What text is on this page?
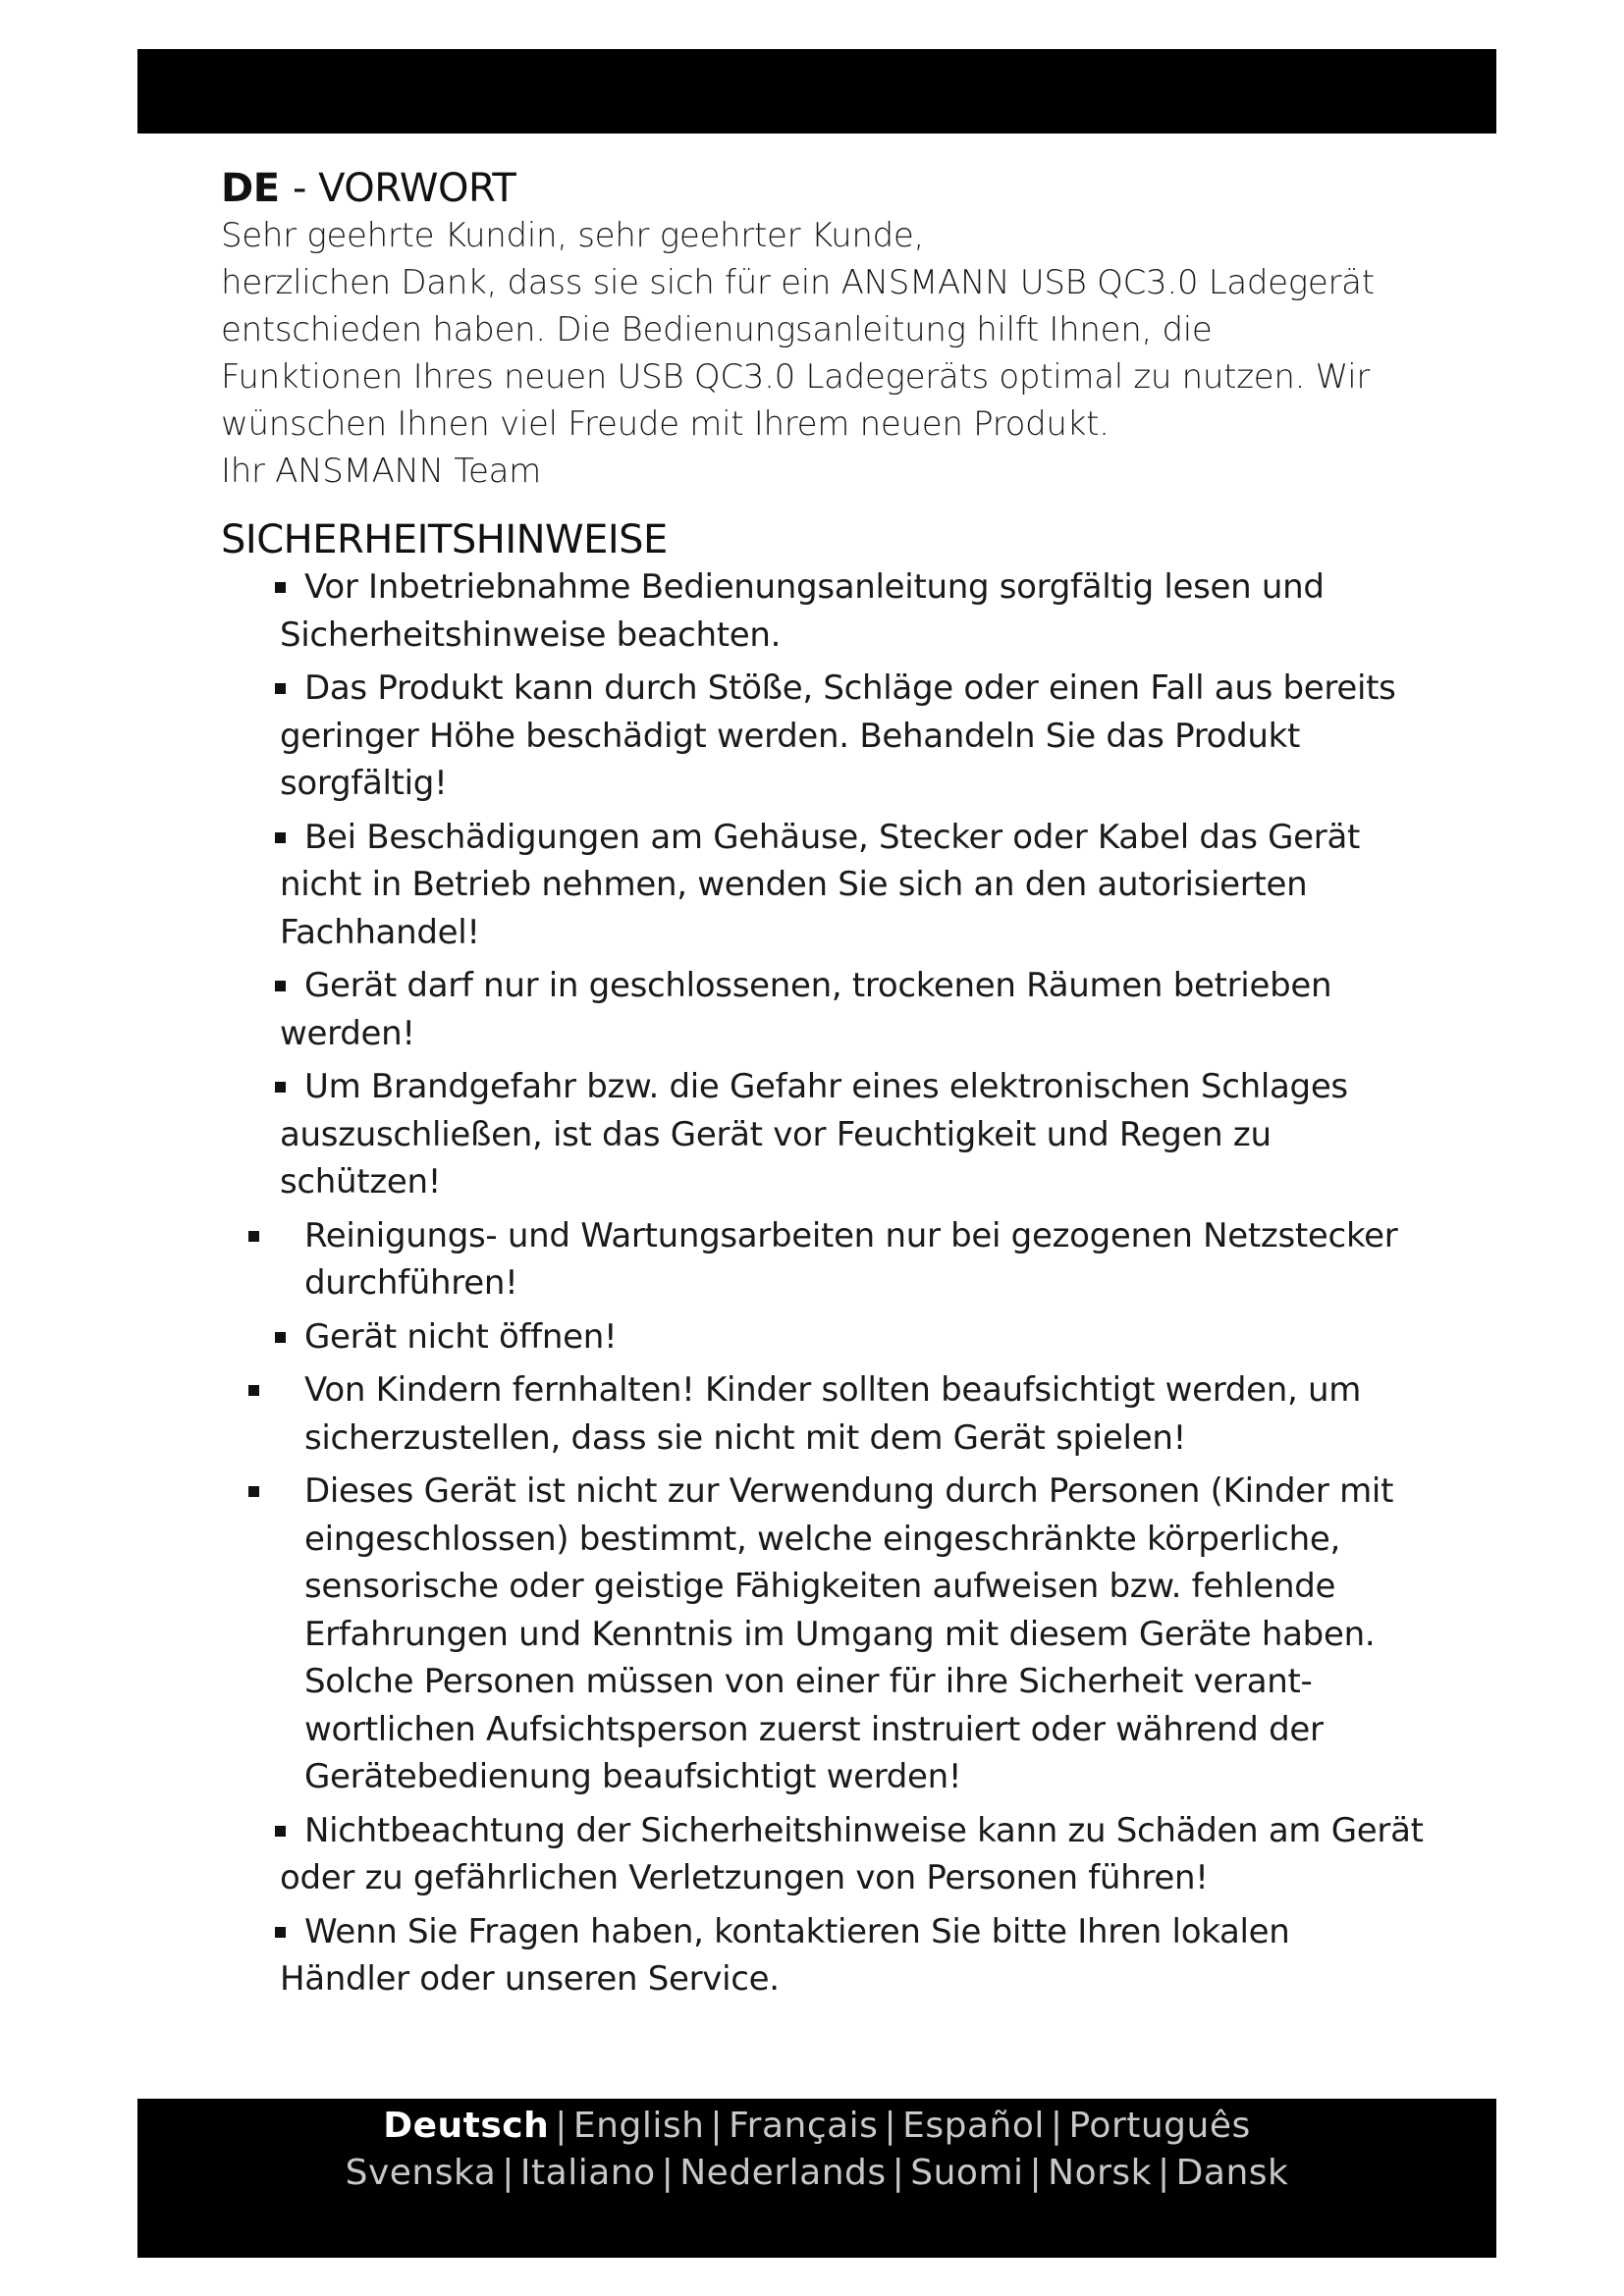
DE - VORWORT

Sehr geehrte Kundin, sehr geehrter Kunde,

herzlichen Dank, dass sie sich für ein ANSMANN USB QC3.0 Ladegerät

entschieden haben. Die Bedienungsanleitung hilft Ihnen, die

Funktionen Ihres neuen USB QC3.0 Ladegeräts optimal zu nutzen. Wir

wünschen Ihnen viel Freude mit Ihrem neuen Produkt.

Ihr ANSMANN Team

SICHERHEITSHINWEISE
Vor Inbetriebnahme Bedienungsanleitung sorgfältig lesen und Sicherheitshinweise beachten.
Das Produkt kann durch Stöße, Schläge oder einen Fall aus bereits geringer Höhe beschädigt werden. Behandeln Sie das Produkt sorgfältig!
Bei Beschädigungen am Gehäuse, Stecker oder Kabel das Gerät nicht in Betrieb nehmen, wenden Sie sich an den autorisierten Fachhandel!
Gerät darf nur in geschlossenen, trockenen Räumen betrieben werden!
Um Brandgefahr bzw. die Gefahr eines elektronischen Schlages auszuschließen, ist das Gerät vor Feuchtigkeit und Regen zu schützen!
Reinigungs- und Wartungsarbeiten nur bei gezogenen Netzstecker durchführen!
Gerät nicht öffnen!
Von Kindern fernhalten! Kinder sollten beaufsichtigt werden, um sicherzustellen, dass sie nicht mit dem Gerät spielen!
Dieses Gerät ist nicht zur Verwendung durch Personen (Kinder mit eingeschlossen) bestimmt, welche eingeschränkte körperliche, sensorische oder geistige Fähigkeiten aufweisen bzw. fehlende Erfahrungen und Kenntnis im Umgang mit diesem Geräte haben. Solche Personen müssen von einer für ihre Sicherheit verant-wortlichen Aufsichtsperson zuerst instruiert oder während der Gerätebedienung beaufsichtigt werden!
Nichtbeachtung der Sicherheitshinweise kann zu Schäden am Gerät oder zu gefährlichen Verletzungen von Personen führen!
Wenn Sie Fragen haben, kontaktieren Sie bitte Ihren lokalen Händler oder unseren Service.
Deutsch | English | Français | Español | Português
Svenska | Italiano | Nederlands | Suomi | Norsk | Dansk
